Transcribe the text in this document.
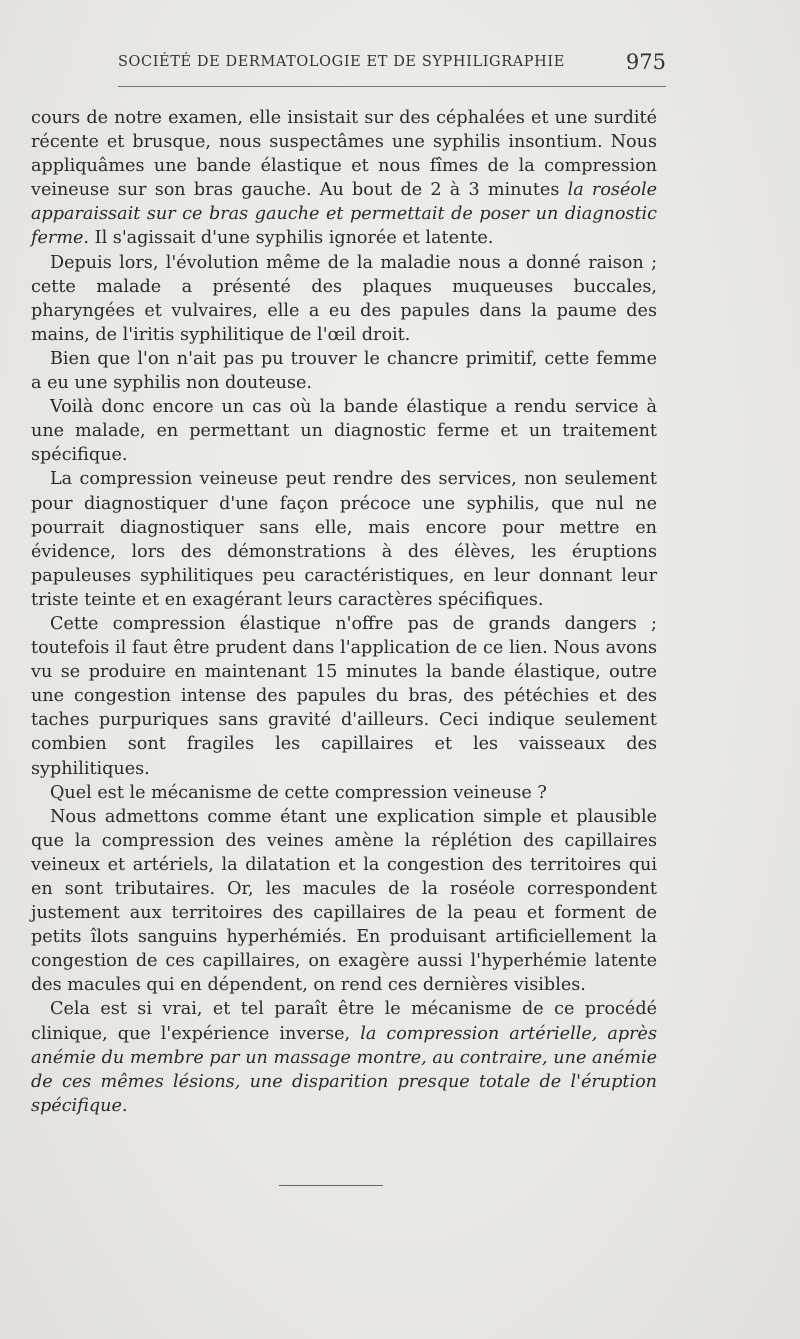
SOCIÉTÉ DE DERMATOLOGIE ET DE SYPHILIGRAPHIE	975

cours de notre examen, elle insistait sur des céphalées et une surdité récente et brusque, nous suspectâmes une syphilis insontium. Nous appliquâmes une bande élastique et nous fîmes de la compression veineuse sur son bras gauche. Au bout de 2 à 3 minutes la roséole apparaissait sur ce bras gauche et permettait de poser un diagnostic ferme. Il s'agissait d'une syphilis ignorée et latente.

Depuis lors, l'évolution même de la maladie nous a donné raison ; cette malade a présenté des plaques muqueuses buccales, pharyngées et vulvaires, elle a eu des papules dans la paume des mains, de l'iritis syphilitique de l'œil droit.

Bien que l'on n'ait pas pu trouver le chancre primitif, cette femme a eu une syphilis non douteuse.

Voilà donc encore un cas où la bande élastique a rendu service à une malade, en permettant un diagnostic ferme et un traitement spécifique.

La compression veineuse peut rendre des services, non seulement pour diagnostiquer d'une façon précoce une syphilis, que nul ne pourrait diagnostiquer sans elle, mais encore pour mettre en évidence, lors des démonstrations à des élèves, les éruptions papuleuses syphilitiques peu caractéristiques, en leur donnant leur triste teinte et en exagérant leurs caractères spécifiques.

Cette compression élastique n'offre pas de grands dangers ; toutefois il faut être prudent dans l'application de ce lien. Nous avons vu se produire en maintenant 15 minutes la bande élastique, outre une congestion intense des papules du bras, des pétéchies et des taches purpuriques sans gravité d'ailleurs. Ceci indique seulement combien sont fragiles les capillaires et les vaisseaux des syphilitiques.

Quel est le mécanisme de cette compression veineuse ?

Nous admettons comme étant une explication simple et plausible que la compression des veines amène la réplétion des capillaires veineux et artériels, la dilatation et la congestion des territoires qui en sont tributaires. Or, les macules de la roséole correspondent justement aux territoires des capillaires de la peau et forment de petits îlots sanguins hyperhémiés. En produisant artificiellement la congestion de ces capillaires, on exagère aussi l'hyperhémie latente des macules qui en dépendent, on rend ces dernières visibles.

Cela est si vrai, et tel paraît être le mécanisme de ce procédé clinique, que l'expérience inverse, la compression artérielle, après anémie du membre par un massage montre, au contraire, une anémie de ces mêmes lésions, une disparition presque totale de l'éruption spécifique.
